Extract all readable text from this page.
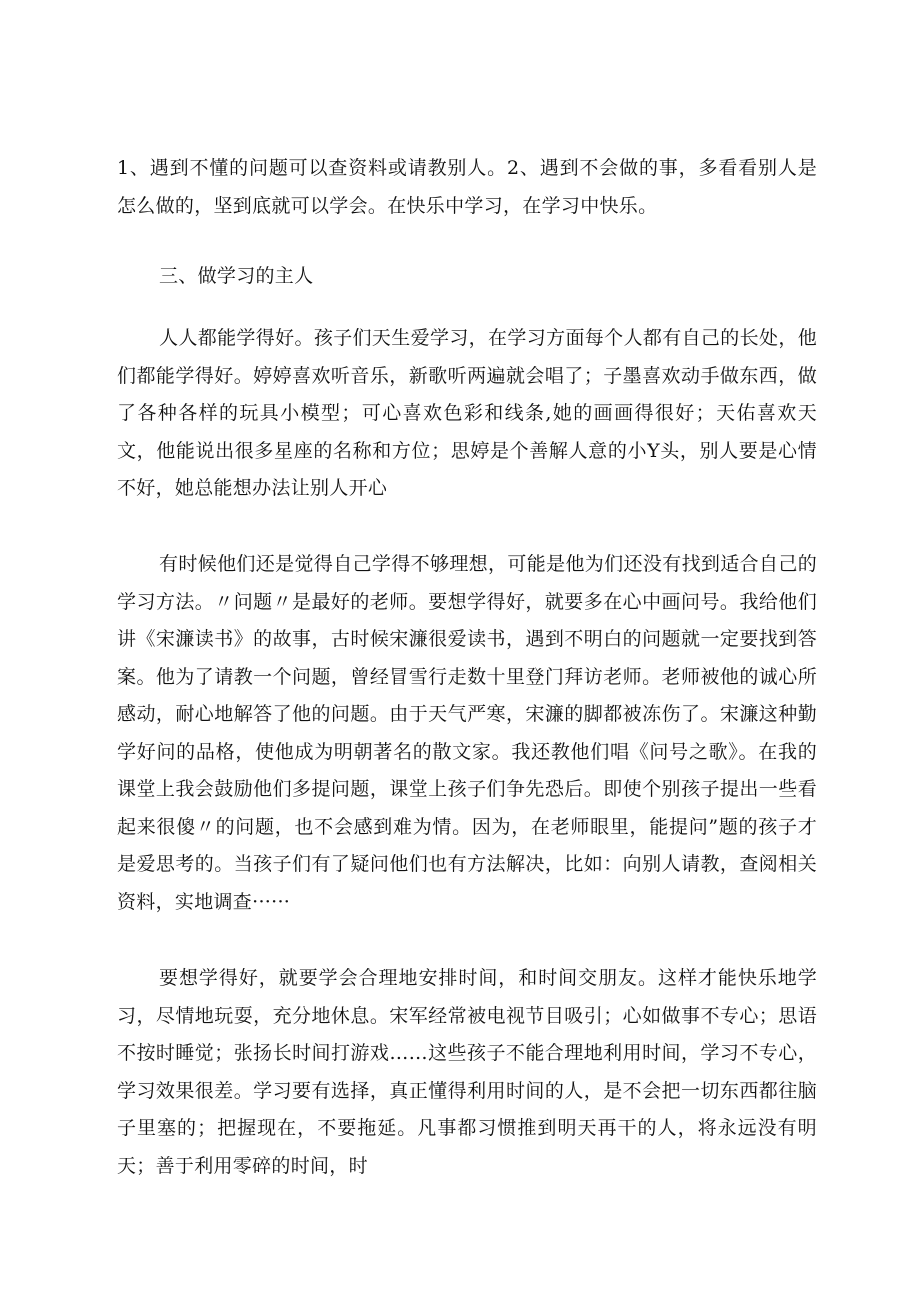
1、遇到不懂的问题可以查资料或请教别人。2、遇到不会做的事，多看看别人是怎么做的，坚到底就可以学会。在快乐中学习，在学习中快乐。

三、做学习的主人

人人都能学得好。孩子们天生爱学习，在学习方面每个人都有自己的长处，他们都能学得好。婷婷喜欢听音乐，新歌听两遍就会唱了；子墨喜欢动手做东西，做了各种各样的玩具小模型；可心喜欢色彩和线条,她的画画得很好；天佑喜欢天文，他能说出很多星座的名称和方位；思婷是个善解人意的小Y头，别人要是心情不好，她总能想办法让别人开心

有时候他们还是觉得自己学得不够理想，可能是他为们还没有找到适合自己的学习方法。〃问题〃是最好的老师。要想学得好，就要多在心中画问号。我给他们讲《宋濂读书》的故事，古时候宋濂很爱读书，遇到不明白的问题就一定要找到答案。他为了请教一个问题，曾经冒雪行走数十里登门拜访老师。老师被他的诚心所感动，耐心地解答了他的问题。由于天气严寒，宋濂的脚都被冻伤了。宋濂这种勤学好问的品格，使他成为明朝著名的散文家。我还教他们唱《问号之歌》。在我的课堂上我会鼓励他们多提问题，课堂上孩子们争先恐后。即使个别孩子提出一些看起来很傻〃的问题，也不会感到难为情。因为，在老师眼里，能提问”题的孩子才是爱思考的。当孩子们有了疑问他们也有方法解决，比如：向别人请教，查阅相关资料，实地调查······

要想学得好，就要学会合理地安排时间，和时间交朋友。这样才能快乐地学习，尽情地玩耍，充分地休息。宋军经常被电视节目吸引；心如做事不专心；思语不按时睡觉；张扬长时间打游戏……这些孩子不能合理地利用时间，学习不专心，学习效果很差。学习要有选择，真正懂得利用时间的人，是不会把一切东西都往脑子里塞的；把握现在，不要拖延。凡事都习惯推到明天再干的人，将永远没有明天；善于利用零碎的时间，时
